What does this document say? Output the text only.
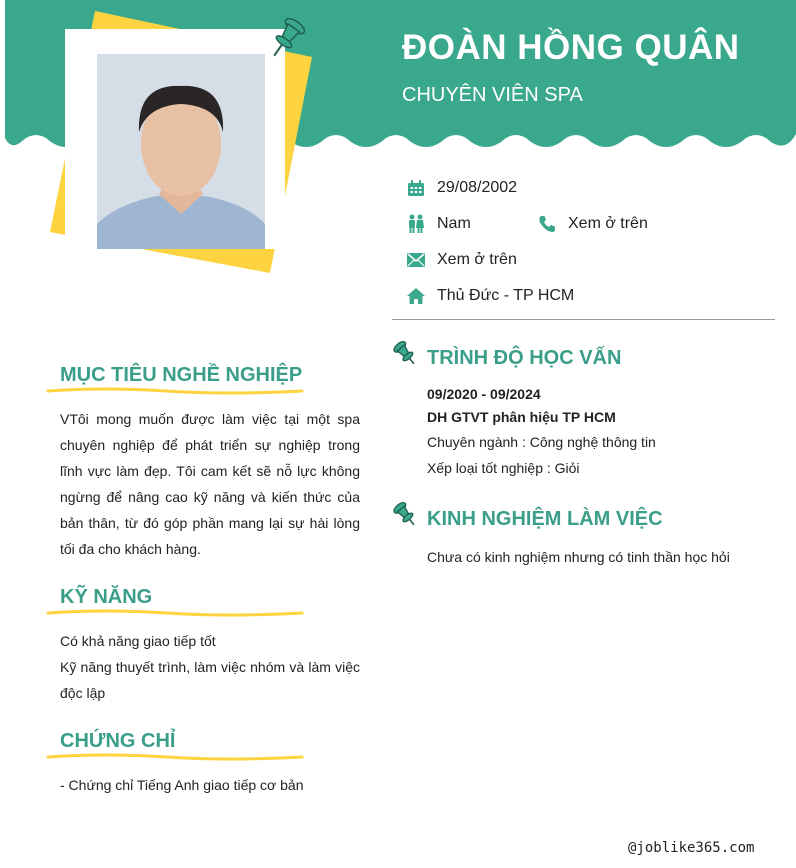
ĐOÀN HỒNG QUÂN
CHUYÊN VIÊN SPA
29/08/2002
Nam	Xem ở trên
Xem ở trên
Thủ Đức - TP HCM
MỤC TIÊU NGHỀ NGHIỆP
VTôi mong muốn được làm việc tại một spa chuyên nghiệp để phát triển sự nghiệp trong lĩnh vực làm đẹp. Tôi cam kết sẽ nỗ lực không ngừng để nâng cao kỹ năng và kiến thức của bản thân, từ đó góp phần mang lại sự hài lòng tối đa cho khách hàng.
KỸ NĂNG
Có khả năng giao tiếp tốt
Kỹ năng thuyết trình, làm việc nhóm và làm việc độc lập
CHỨNG CHỈ
- Chứng chỉ Tiếng Anh giao tiếp cơ bản
TRÌNH ĐỘ HỌC VẤN
09/2020 - 09/2024
DH GTVT phân hiệu TP HCM
Chuyên ngành : Công nghệ thông tin
Xếp loại tốt nghiệp : Giỏi
KINH NGHIỆM LÀM VIỆC
Chưa có kinh nghiệm nhưng có tinh thần học hỏi
@joblike365.com
